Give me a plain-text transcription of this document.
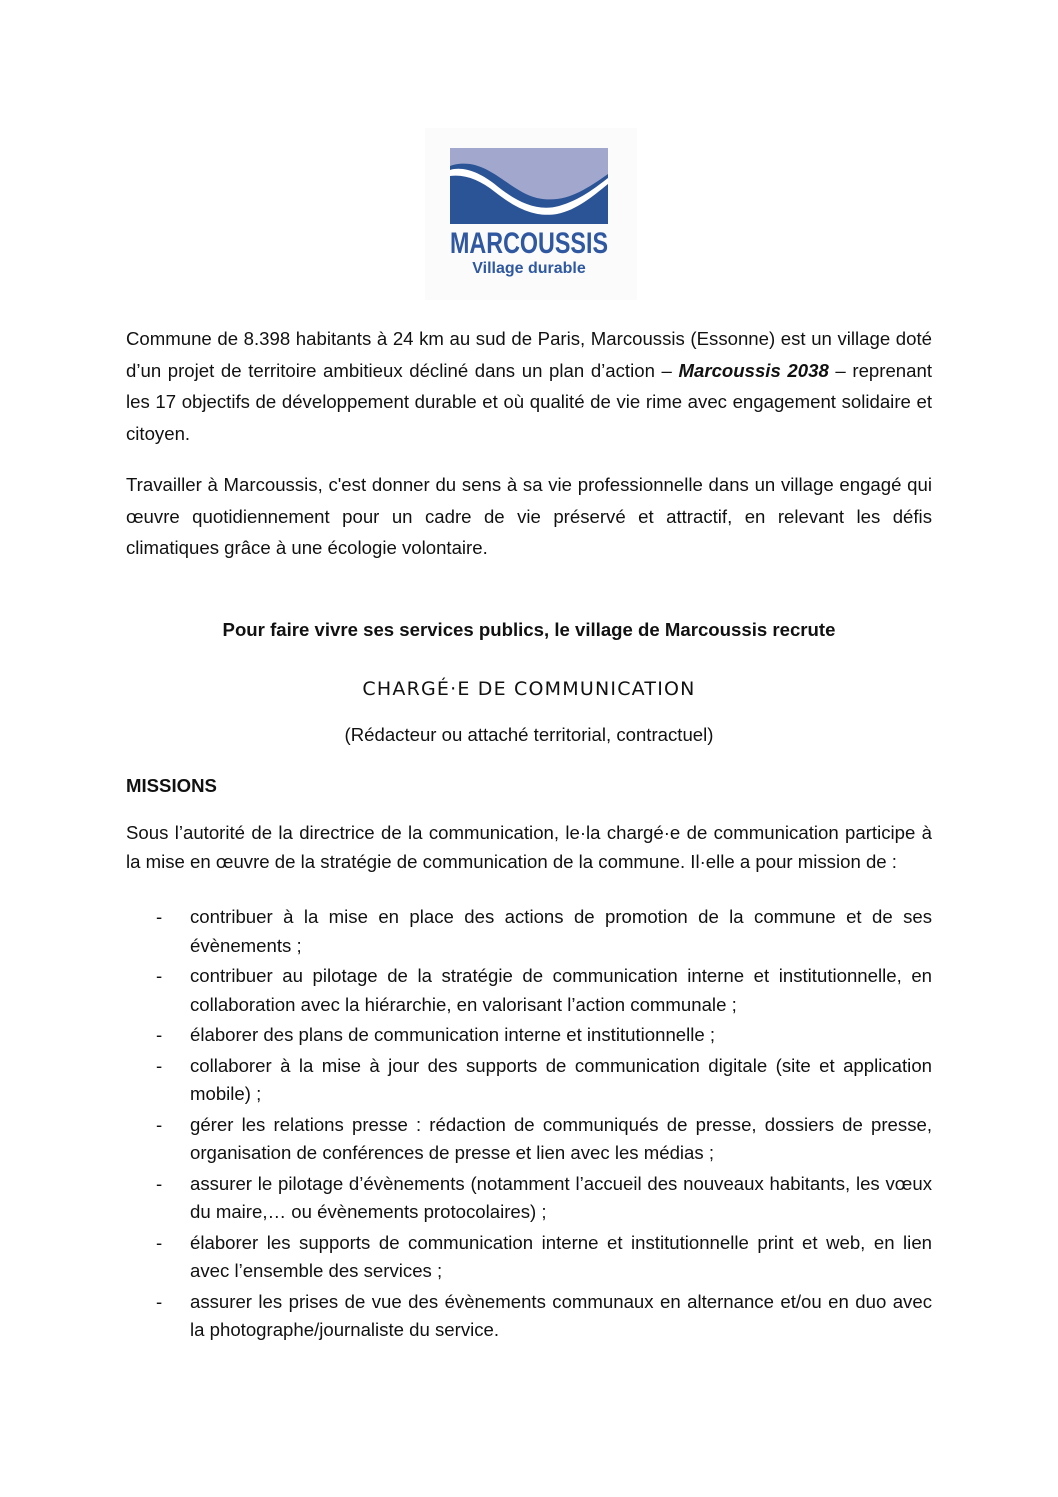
MARCOUSSIS
Village durable

Commune de 8.398 habitants à 24 km au sud de Paris, Marcoussis (Essonne) est un village doté d’un projet de territoire ambitieux décliné dans un plan d’action – Marcoussis 2038 – reprenant les 17 objectifs de développement durable et où qualité de vie rime avec engagement solidaire et citoyen.

Travailler à Marcoussis, c'est donner du sens à sa vie professionnelle dans un village engagé qui œuvre quotidiennement pour un cadre de vie préservé et attractif, en relevant les défis climatiques grâce à une écologie volontaire.

Pour faire vivre ses services publics, le village de Marcoussis recrute

CHARGÉ·E DE COMMUNICATION

(Rédacteur ou attaché territorial, contractuel)

MISSIONS

Sous l’autorité de la directrice de la communication, le·la chargé·e de communication participe à la mise en œuvre de la stratégie de communication de la commune. Il·elle a pour mission de :

- contribuer à la mise en place des actions de promotion de la commune et de ses évènements ;
- contribuer au pilotage de la stratégie de communication interne et institutionnelle, en collaboration avec la hiérarchie, en valorisant l’action communale ;
- élaborer des plans de communication interne et institutionnelle ;
- collaborer à la mise à jour des supports de communication digitale (site et application mobile) ;
- gérer les relations presse : rédaction de communiqués de presse, dossiers de presse, organisation de conférences de presse et lien avec les médias ;
- assurer le pilotage d’évènements (notamment l’accueil des nouveaux habitants, les vœux du maire,… ou évènements protocolaires) ;
- élaborer les supports de communication interne et institutionnelle print et web, en lien avec l’ensemble des services ;
- assurer les prises de vue des évènements communaux en alternance et/ou en duo avec la photographe/journaliste du service.
